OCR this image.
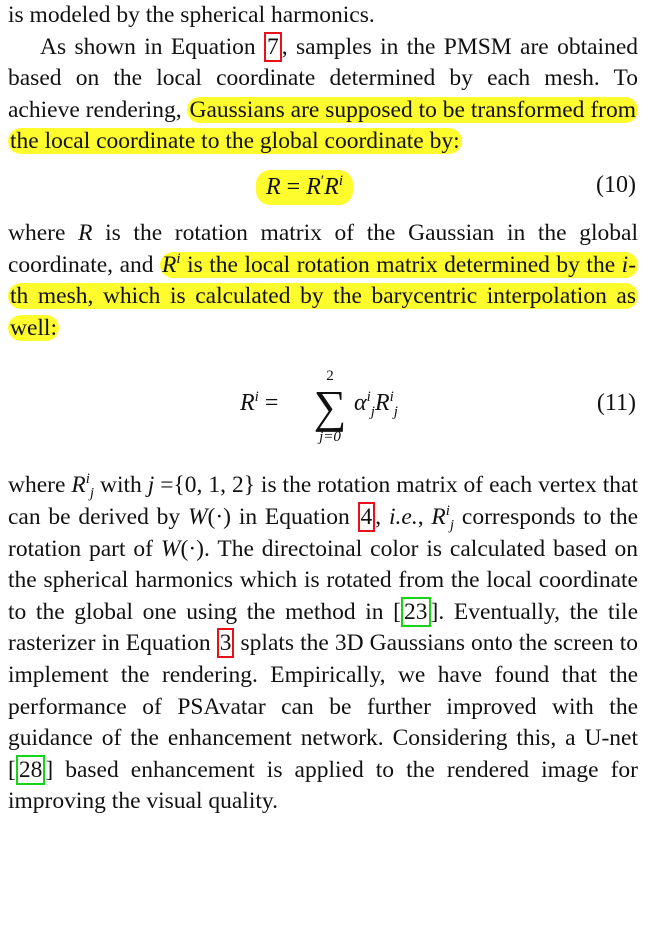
is modeled by the spherical harmonics.

As shown in Equation 7 , samples in the PMSM are obtained based on the local coordinate determined by each mesh. To achieve rendering, Gaussians are supposed to be transformed from the local coordinate to the global coordinate by:

$R = R'R^i$	(10)

where R is the rotation matrix of the Gaussian in the global coordinate, and $R^i$ is the local rotation matrix determined by the i-th mesh, which is calculated by the barycentric interpolation as well:

$R^i$ =
2
∑
j=0
$\alpha^i_jR^i_j$	(11)

where $R^i_j$ with j ={0, 1, 2} is the rotation matrix of each vertex that can be derived by W(·) in Equation 4 , i.e., $R^i_j$ corresponds to the rotation part of W(·). The directoinal color is calculated based on the spherical harmonics which is rotated from the local coordinate to the global one using the method in [ 23 ]. Eventually, the tile rasterizer in Equation 3 splats the 3D Gaussians onto the screen to implement the rendering. Empirically, we have found that the performance of PSAvatar can be further improved with the guidance of the enhancement network. Considering this, a U-net [ 28 ] based enhancement is applied to the rendered image for improving the visual quality.
